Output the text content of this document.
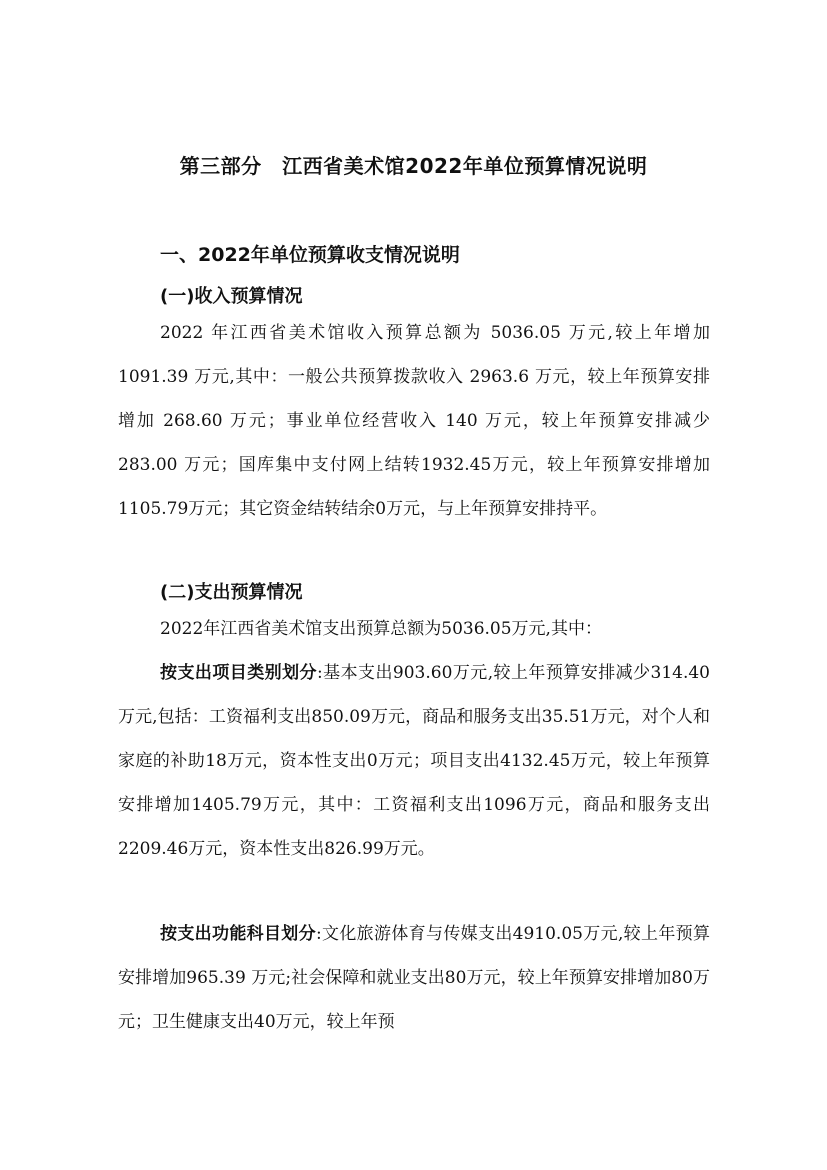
第三部分　江西省美术馆2022年单位预算情况说明
一、2022年单位预算收支情况说明
(一)收入预算情况

2022 年江西省美术馆收入预算总额为 5036.05 万元,较上年增加 1091.39 万元,其中：一般公共预算拨款收入 2963.6 万元，较上年预算安排增加 268.60 万元；事业单位经营收入 140 万元，较上年预算安排减少 283.00 万元；国库集中支付网上结转1932.45万元，较上年预算安排增加1105.79万元；其它资金结转结余0万元，与上年预算安排持平。

(二)支出预算情况

2022年江西省美术馆支出预算总额为5036.05万元,其中：

按支出项目类别划分:基本支出903.60万元,较上年预算安排减少314.40万元,包括：工资福利支出850.09万元，商品和服务支出35.51万元，对个人和家庭的补助18万元，资本性支出0万元；项目支出4132.45万元，较上年预算安排增加1405.79万元，其中：工资福利支出1096万元，商品和服务支出2209.46万元，资本性支出826.99万元。

按支出功能科目划分:文化旅游体育与传媒支出4910.05万元,较上年预算安排增加965.39 万元;社会保障和就业支出80万元，较上年预算安排增加80万元；卫生健康支出40万元，较上年预
